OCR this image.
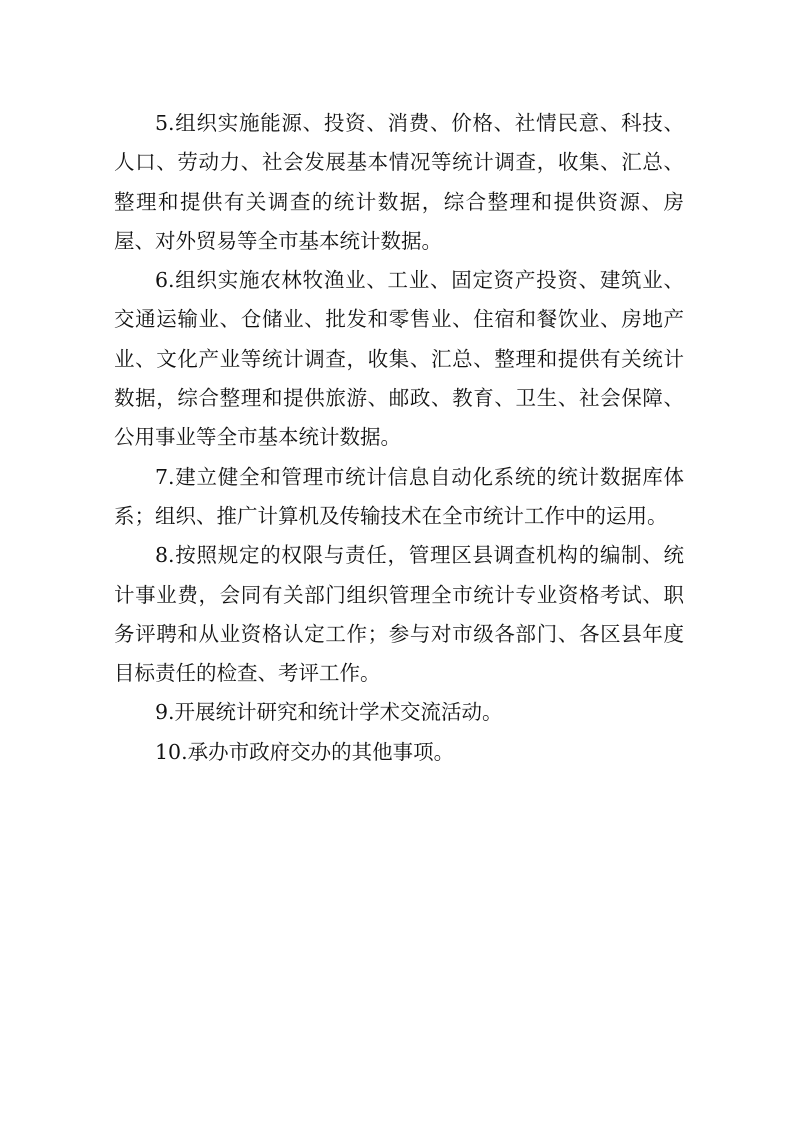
5.组织实施能源、投资、消费、价格、社情民意、科技、人口、劳动力、社会发展基本情况等统计调查，收集、汇总、整理和提供有关调查的统计数据，综合整理和提供资源、房屋、对外贸易等全市基本统计数据。

6.组织实施农林牧渔业、工业、固定资产投资、建筑业、交通运输业、仓储业、批发和零售业、住宿和餐饮业、房地产业、文化产业等统计调查，收集、汇总、整理和提供有关统计数据，综合整理和提供旅游、邮政、教育、卫生、社会保障、公用事业等全市基本统计数据。

7.建立健全和管理市统计信息自动化系统的统计数据库体系；组织、推广计算机及传输技术在全市统计工作中的运用。

8.按照规定的权限与责任，管理区县调查机构的编制、统计事业费，会同有关部门组织管理全市统计专业资格考试、职务评聘和从业资格认定工作；参与对市级各部门、各区县年度目标责任的检查、考评工作。

9.开展统计研究和统计学术交流活动。

10.承办市政府交办的其他事项。
